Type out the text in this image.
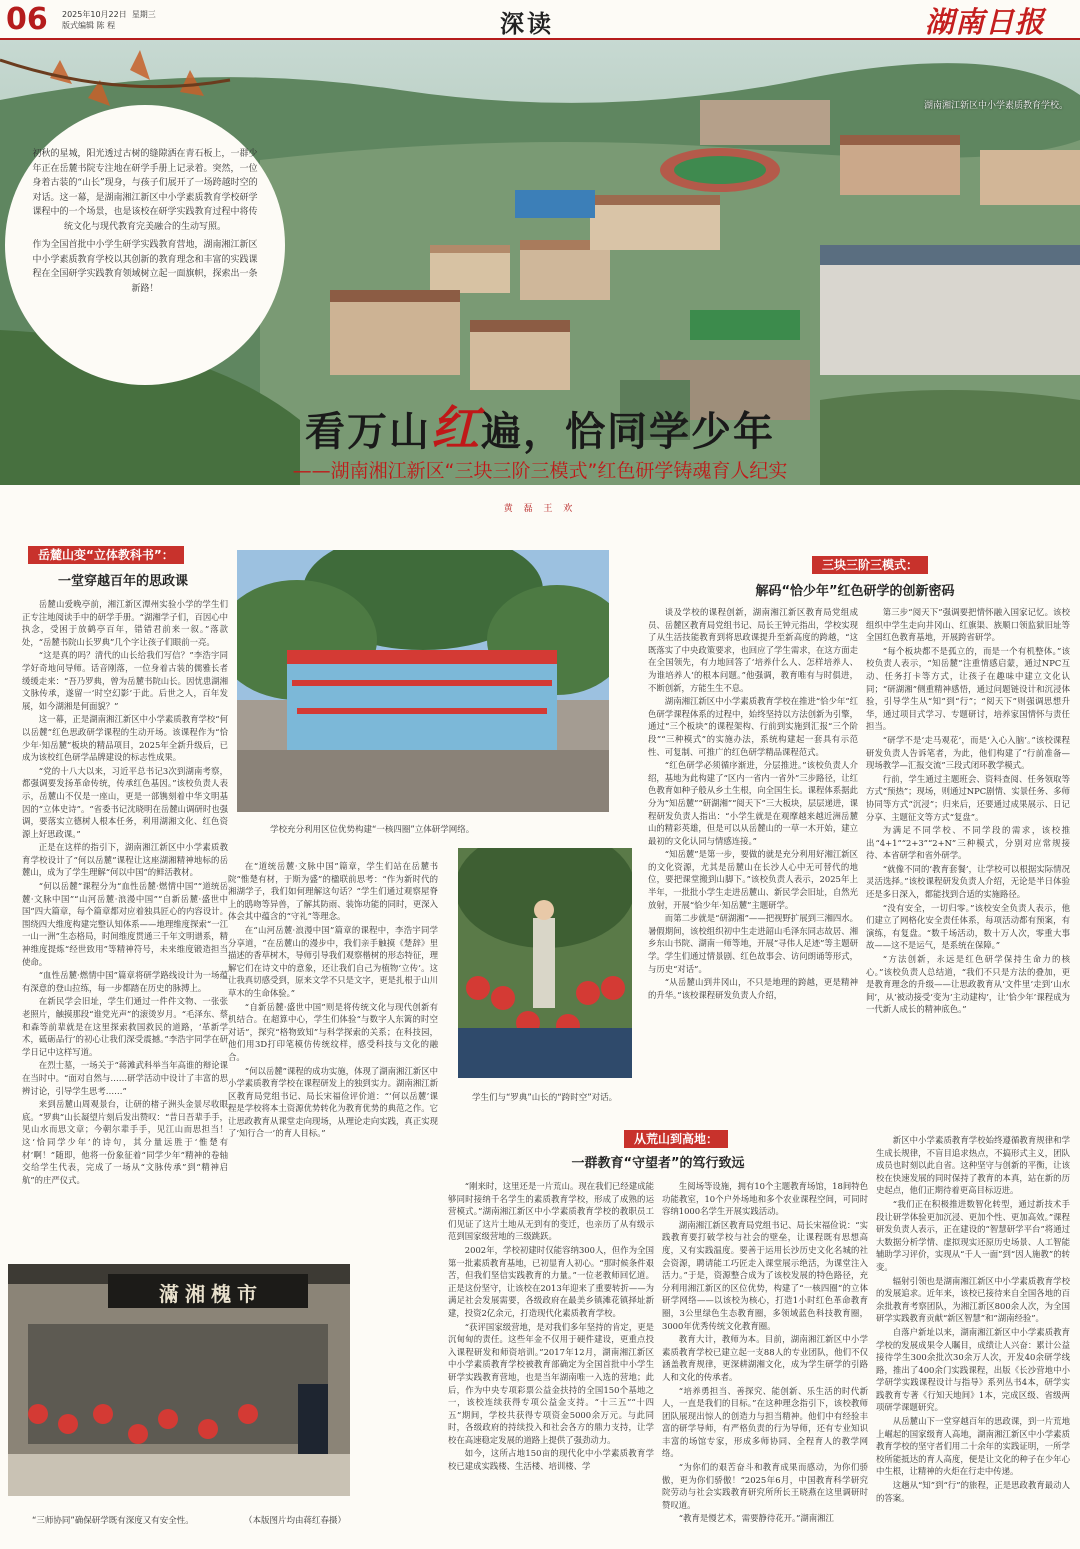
06 2025年10月22日 星期三
版式编辑 陈 程	深读	湖南日报
湖南湘江新区中小学素质教育学校。

初秋的星城，阳光透过古树的缝隙洒在青石板上，一群少年正在岳麓书院专注地在研学手册上记录着。突然，一位身着古装的“山长”现身，与孩子们展开了一场跨越时空的对话。这一幕，是湖南湘江新区中小学素质教育学校研学课程中的一个场景，也是该校在研学实践教育过程中将传统文化与现代教育完美融合的生动写照。

作为全国首批中小学生研学实践教育营地，湖南湘江新区中小学素质教育学校以其创新的教育理念和丰富的实践课程在全国研学实践教育领域树立起一面旗帜，探索出一条新路！

看万山红遍，恰同学少年
——湖南湘江新区“三块三阶三模式”红色研学铸魂育人纪实
黄 磊 王 欢
岳麓山变“立体教科书”：
一堂穿越百年的思政课

岳麓山爱晚亭前，湘江新区潭州实验小学的学生们正专注地阅读手中的研学手册。“湖湘学子们，百因心中执念，受困于放鹤亭百年，错错君前来一叙。”落款处，“岳麓书院山长罗典”几个字让孩子们眼前一亮。

“这是真的吗？清代的山长给我们写信？”李浩宇同学好奇地问导师。话音刚落，一位身着古装的儒雅长者缓缓走来：“吾乃罗典，曾为岳麓书院山长。因忧患湖湘文脉传承，遂留一‘时空幻影’于此。后世之人，百年发展，如今湖湘是何面貌？”

这一幕，正是湖南湘江新区中小学素质教育学校“何以岳麓”红色思政研学课程的生动开场。该课程作为“恰少年·知岳麓”板块的精品项目，2025年全新升级后，已成为该校红色研学品牌建设的标志性成果。

“党的十八大以来，习近平总书记3次到湖南考察，都强调要发扬革命传统，传承红色基因。”该校负责人表示，岳麓山不仅是一座山，更是一部镌刻着中华文明基因的“立体史诗”。“省委书记沈晓明在岳麓山调研时也强调，要落实立德树人根本任务，利用湖湘文化、红色资源上好思政课。”

正是在这样的指引下，湖南湘江新区中小学素质教育学校设计了“何以岳麓”课程让这座湖湘精神地标的岳麓山，成为了学生理解“何以中国”的鲜活教材。

“何以岳麓”课程分为“血性岳麓·燃情中国”“道统岳麓·文脉中国”“山河岳麓·浪漫中国”“自新岳麓·盛世中国”四大篇章，每个篇章都对应着独具匠心的内容设计。围绕四大维度构建完整认知体系——地理维度探索“一江一山一洲”生态格局，时间维度贯通三千年文明谱系，精神维度提炼“经世致用”等精神符号，未来维度锻造担当使命。

“血性岳麓·燃情中国”篇章将研学路线设计为一场蕴有深意的登山拉练，每一步都踏在历史的脉搏上。

在新民学会旧址，学生们通过一件件文物、一张张老照片，触摸那段“谁党光声”的滚烫岁月。“毛泽东、蔡和森等前辈就是在这里探索救国救民的道路，‘革新学术，砥砺品行’的初心让我们深受震撼。”李浩宇同学在研学日记中这样写道。

在烈士墓，一场关于“蒋滩武科举当年高谁的辩论课在当时中。“面对自然与……研学活动中设计了丰富的思辨讨论，引导学生思考……”

来到岳麓山周观景台，让研的楮子洲头金景尽收眼底。“罗典”山长凝望片刻后发出赞叹：“昔日吾辈手手，见山水而思文章；今朝尔辈手手，见江山而思担当！这‘恰同学少年’的诗句，其分量远胜于‘惟楚有材’啊！”随即，他将一份象征着“同学少年”精神的卷轴交给学生代表，完成了一场从“文脉传承”到“精神启航”的庄严仪式。

学校充分利用区位优势构建“一核四圈”立体研学网络。

在“道统岳麓·文脉中国”篇章，学生们站在岳麓书院“惟楚有材，于斯为盛”的楹联前思考：“作为新时代的湘湖学子，我们如何理解这句话？”学生们通过观察屋脊上的鸱吻等异兽，了解其防雨、装饰功能的同时，更深入体会其中蕴含的“守礼”等理念。

在“山河岳麓·浪漫中国”篇章的课程中，李浩宇同学分享道，“在岳麓山的漫步中，我们亲手触摸《楚辞》里描述的香草树木，导师引导我们观察楷树的形态特征，理解它们在诗文中的意象，还让我们自己为植物‘立传’。这让我真切感受到，原来文学不只是文字，更是扎根于山川草木的生命体验。”

“自新岳麓·盛世中国”则是将传统文化与现代创新有机结合。在超算中心，学生们体验“与数字人东篱的时空对话”，探究“格物致知”与科学探索的关系；在科技园，他们用3D打印笔模仿传统纹样，感受科技与文化的融合。

“何以岳麓”课程的成功实施，体现了湖南湘江新区中小学素质教育学校在课程研发上的独到实力。湖南湘江新区教育局党组书记、局长宋福俭评价道：“‘何以岳麓’课程是学校将本土资源优势转化为教育优势的典范之作。它让思政教育从课堂走向现场，从理论走向实践，真正实现了‘知行合一’的育人目标。”

学生们与“罗典”山长的“跨时空”对话。
滿湘槐市
“三师协同”确保研学既有深度又有安全性。	（本版图片均由蒋红春摄）
三块三阶三模式：
解码“恰少年”红色研学的创新密码

谈及学校的课程创新，湖南湘江新区教育局党组成员、岳麓区教育局党组书记、局长王钟元指出，学校实现了从生活技能教育到将思政课提升至新高度的跨越，“这既落实了中央政策要求，也回应了学生需求，在这方面走在全国领先，有力地回答了‘培养什么人、怎样培养人、为谁培养人’的根本问题。”他强调，教育唯有与时俱进，不断创新，方能生生不息。

湖南湘江新区中小学素质教育学校在推进“恰少年”红色研学课程体系的过程中，始终坚持以方法创新为引擎，通过“三个板块”的课程架构、行前到实施到汇报“三个阶段”“三种模式”的实施办法，系统构建起一套具有示范性、可复制、可推广的红色研学精品课程范式。

“红色研学必须循序渐进，分层推进。”该校负责人介绍，基地为此构建了“区内一省内一省外”三步路径，让红色教育如种子般从乡土生根，向全国生长。课程体系据此分为“知岳麓”“研湖湘”“阅天下”三大板块，层层递进，课程研发负责人指出：“小学生就是在观摩越来越近洲岳麓山的精彩英雄，但是可以从岳麓山的一草一木开始，建立最初的文化认同与情感连接。”

“知岳麓”是第一步，要做的就是充分利用好湘江新区的文化资源，尤其是岳麓山在长沙人心中无可替代的地位，要把课堂搬到山脚下。”该校负责人表示，2025年上半年，一批批小学生走进岳麓山、新民学会旧址，自然光放射，开展“恰少年·知岳麓”主题研学。

而第二步就是“研湖湘”——把视野扩展到三湘四水。暑假期间，该校组织初中生走进韶山毛泽东同志故居、湘乡东山书院、湖南一师等地，开展“寻伟人足迹”等主题研学。学生们通过情景剧、红色故事会、访问朗诵等形式，与历史“对话”。

“从岳麓山到井冈山，不只是地理的跨越，更是精神的升华。”该校课程研发负责人介绍，

第三步“阅天下”强调要把情怀融入国家记忆。该校组织中学生走向井冈山、红旗渠、族顺口领监狱旧址等全国红色教育基地，开展跨省研学。

“每个板块都不是孤立的，而是一个有机整体。”该校负责人表示，“知岳麓”注重情感启蒙，通过NPC互动、任务打卡等方式，让孩子在趣味中建立文化认同；“研湖湘”侧重精神感悟，通过问题链设计和沉浸体验，引导学生从“知”到“行”；“阅天下”则强调思想升华，通过项目式学习、专题研讨，培养家国情怀与责任担当。

“研学不是‘走马观花’，而是‘入心入脑’。”该校课程研发负责人告诉笔者，为此，他们构建了“行前准备—现场教学—汇报交流”三段式闭环教学模式。

行前，学生通过主题班会、资料查阅、任务领取等方式“预热”；现场，则通过NPC剧情、实景任务、多师协同等方式“沉浸”；归来后，还要通过成果展示、日记分享、主题征文等方式“复盘”。

为满足不同学校、不同学段的需求，该校推出“4+1”“2+3”“2+N”三种模式，分别对应常规接待、本省研学和省外研学。

“就像不同的‘教育套餐’，让学校可以根据实际情况灵活选择。”该校课程研发负责人介绍，无论是半日体验还是多日深入，都能找到合适的实施路径。

“没有安全，一切归零。”该校安全负责人表示，他们建立了网格化安全责任体系，每项活动都有预案，有演练，有复盘。“数千场活动，数十万人次，零重大事故——这不是运气，是系统在保障。”

“方法创新，永远是红色研学保持生命力的核心。”该校负责人总结道，“我们不只是方法的叠加，更是教育理念的升级——让思政教育从‘文件里’走到‘山水间’，从‘被动接受’变为‘主动建构’，让‘恰少年’课程成为一代新人成长的精神底色。”

从荒山到高地：
一群教育“守望者”的笃行致远

“刚来时，这里还是一片荒山。现在我们已经建成能够同时接纳千名学生的素质教育学校，形成了成熟的运营模式。”湖南湘江新区中小学素质教育学校的教职员工们见证了这片土地从无到有的变迁，也亲历了从有级示范到国家级营地的三级跳跃。

2002年，学校初建时仅能容纳300人，但作为全国第一批素质教育基地，已初显育人初心。“那时候条件艰苦，但我们坚信实践教育的力量。”一位老教师回忆道。正是这份坚守，让该校在2013年迎来了重要转折——为满足社会发展需要，各级政府在最美乡镇滩花镇择址新建，投资2亿余元，打造现代化素质教育学校。

“获评国家级营地，是对我们多年坚持的肯定，更是沉甸甸的责任。这些年金不仅用于硬件建设，更重点投入课程研发和师资培训。”2017年12月，湖南湘江新区中小学素质教育学校被教育部确定为全国首批中小学生研学实践教育营地，也是当年湖南唯一入选的营地；此后，作为中央专项彩票公益金扶持的全国150个基地之一，该校连续获得专项公益金支持。“十三五”“十四五”期间，学校共获得专项资金5000余万元。与此同时，各级政府的持续投入和社会各方的鼎力支持，让学校在高速稳定发展的道路上提供了强劲动力。

如今，这所占地150亩的现代化中小学素质教育学校已建成实践楼、生活楼、培训楼、学

生阅场等设施，拥有10个主题教育场馆，18间特色功能教室，10个户外场地和多个农业课程空间，可同时容纳1000名学生开展实践活动。

湖南湘江新区教育局党组书记、局长宋福俭说：“实践教育要打破学校与社会的壁垒，让课程既有思想高度，又有实践温度。要善于运用长沙历史文化名城的社会资源，聘请能工巧匠走入课堂展示绝活，为课堂注入活力。”于是，资源整合成为了该校发展的特色路径，充分利用湘江新区的区位优势，构建了“一核四圈”的立体研学网络——以该校为核心，打造1小时红色革命教育圈，3公里绿色生态教育圈，多领域蓝色科技教育圈，3000年优秀传统文化教育圈。

教育大计，教师为本。目前，湖南湘江新区中小学素质教育学校已建立起一支88人的专业团队，他们不仅涵盖教育规律，更深耕湖湘文化，成为学生研学的引路人和文化的传承者。

“培养勇担当、善探究、能创新、乐生活的时代新人，一直是我们的目标。”在这种理念指引下，该校教师团队展现出惊人的创造力与担当精神。他们中有经验丰富的研学导师，有严格负责的行为导师，还有专业知识丰富的场馆专家，形成多师协同、全程育人的教学网络。

“为你们的艰苦奋斗和教育成果而感动，为你们骄傲，更为你们骄傲！”2025年6月，中国教育科学研究院劳动与社会实践教育研究所所长王晓燕在这里调研时赞叹道。

“教育是慢艺术，需要静待花开。”湖南湘江

新区中小学素质教育学校始终遵循教育规律和学生成长规律，不盲目追求热点，不搞形式主义，团队成员也时刻以此自省。这种坚守与创新的平衡，让该校在快速发展的同时保持了教育的本真，站在新的历史起点，他们正期待着更高目标迈进。

“我们正在积极推进数智化转型，通过新技术手段让研学体验更加沉浸、更加个性、更加高效。”课程研发负责人表示，正在建设的“智慧研学平台”将通过大数据分析学情、虚拟现实还原历史场景、人工智能辅助学习评价，实现从“千人一面”到“因人施教”的转变。

辐射引领也是湖南湘江新区中小学素质教育学校的发展追求。近年来，该校已接待来自全国各地的百余批教育考察团队，为湘江新区800余人次，为全国研学实践教育贡献“新区智慧”和“湖南经验”。

自落户新址以来，湖南湘江新区中小学素质教育学校的发展成果令人瞩目，成绩让人兴奋：累计公益接待学生300余批次30余万人次，开发40余研学线路，推出了400余门实践课程，出版《长沙营地中小学研学实践课程设计与指导》系列丛书4本，研学实践教育专著《行知天地间》1本，完成区级、省级两项研学课题研究。

从岳麓山下一堂穿越百年的思政课，到一片荒地上崛起的国家级育人高地，湖南湘江新区中小学素质教育学校的坚守者们用二十余年的实践证明，一所学校所能抵达的育人高度，便是让文化的种子在少年心中生根，让精神的火炬在行走中传递。

这趟从“知”到“行”的旅程，正是思政教育最动人的答案。
